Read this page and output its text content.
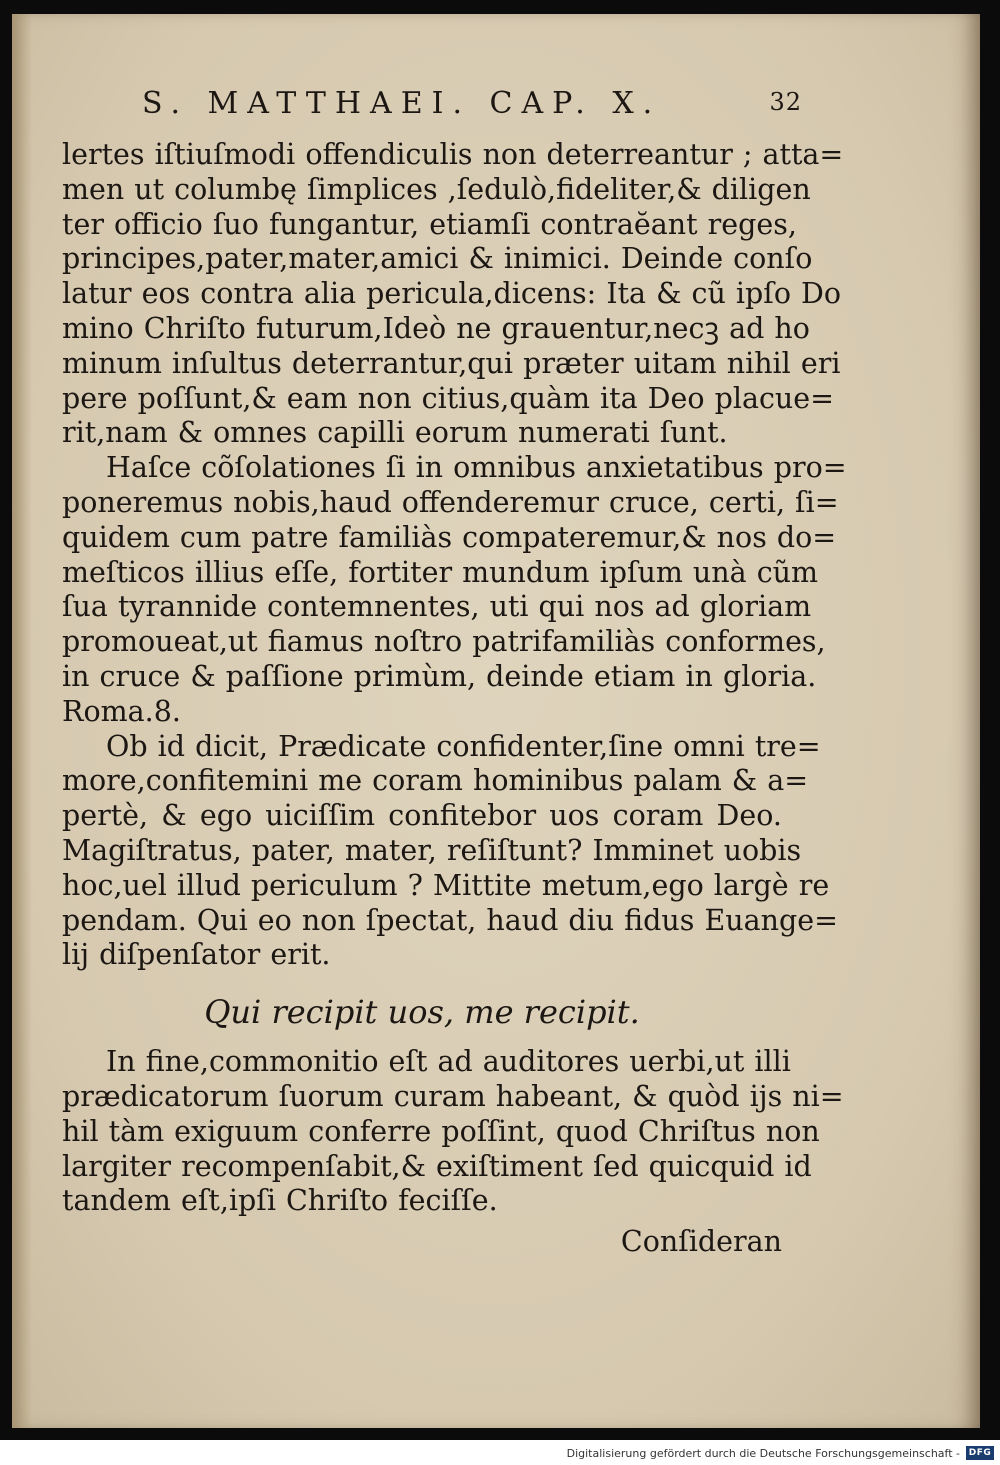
S. MATTHAEI. CAP. X.	32
lertes iſtiuſmodi offendiculis non deterreantur ; atta=
men ut columbę ſimplices ,ſedulò,fideliter,& diligen
ter officio ſuo fungantur, etiamſi contraĕant reges,
principes,pater,mater,amici & inimici. Deinde conſo
latur eos contra alia pericula,dicens: Ita & cũ ipſo Do
mino Chriſto futurum,Ideò ne grauentur,necꝫ ad ho
minum inſultus deterrantur,qui præter uitam nihil eri
pere poſſunt,& eam non citius,quàm ita Deo placue=
rit,nam & omnes capilli eorum numerati ſunt.
Haſce cõſolationes ſi in omnibus anxietatibus pro=
poneremus nobis,haud offenderemur cruce, certi, ſi=
quidem cum patre familiàs compateremur,& nos do=
meſticos illius eſſe, fortiter mundum ipſum unà cũm
ſua tyrannide contemnentes, uti qui nos ad gloriam
promoueat,ut fiamus noſtro patrifamiliàs conformes,
in cruce & paſſione primùm, deinde etiam in gloria.
Roma.8.
Ob id dicit, Prædicate confidenter,ſine omni tre=
more,confitemini me coram hominibus palam & a=
pertè, & ego uiciſſim confitebor uos coram Deo.
Magiſtratus, pater, mater, reſiſtunt? Imminet uobis
hoc,uel illud periculum ? Mittite metum,ego largè re
pendam. Qui eo non ſpectat, haud diu fidus Euange=
lij diſpenſator erit.
Qui recipit uos, me recipit.
In fine,commonitio eſt ad auditores uerbi,ut illi
prædicatorum ſuorum curam habeant, & quòd ijs ni=
hil tàm exiguum conferre poſſint, quod Chriſtus non
largiter recompenſabit,& exiſtiment ſed quicquid id
tandem eſt,ipſi Chriſto feciſſe.
Conſideran
Digitalisierung gefördert durch die Deutsche Forschungsgemeinschaft - DFG
